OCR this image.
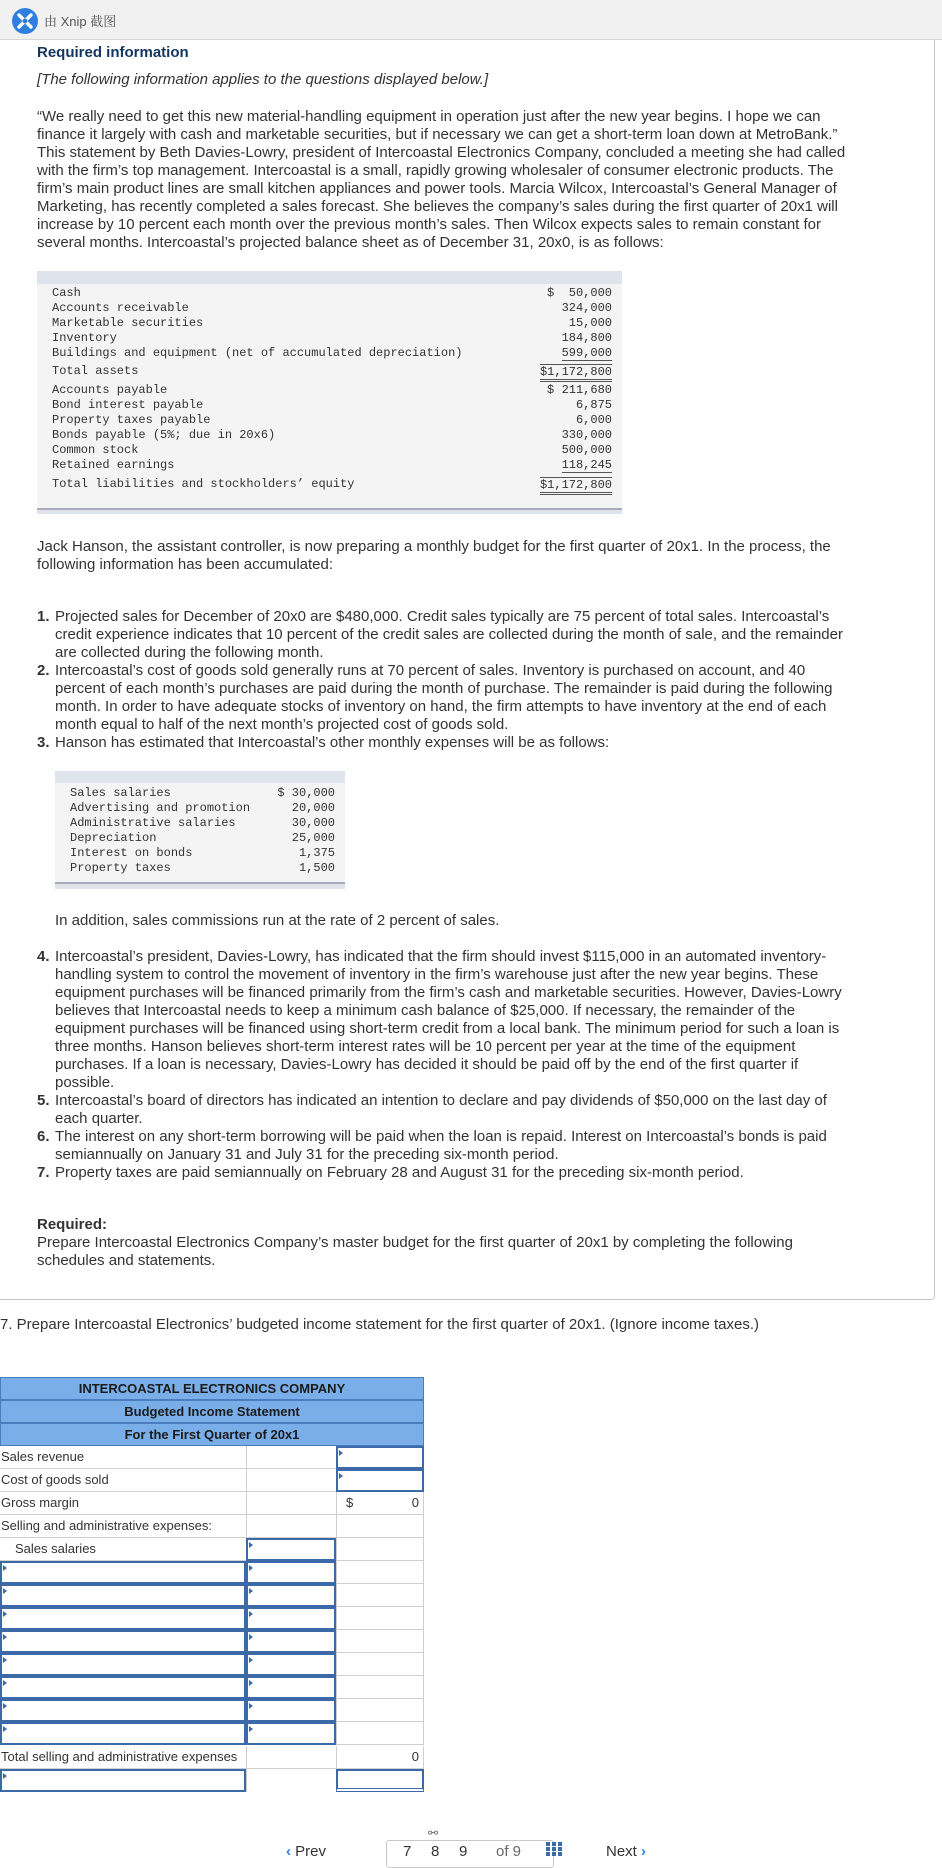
由 Xnip 截图
Required information
[The following information applies to the questions displayed below.]
“We really need to get this new material-handling equipment in operation just after the new year begins. I hope we can
finance it largely with cash and marketable securities, but if necessary we can get a short-term loan down at MetroBank.”
This statement by Beth Davies-Lowry, president of Intercoastal Electronics Company, concluded a meeting she had called
with the firm’s top management. Intercoastal is a small, rapidly growing wholesaler of consumer electronic products. The
firm’s main product lines are small kitchen appliances and power tools. Marcia Wilcox, Intercoastal’s General Manager of
Marketing, has recently completed a sales forecast. She believes the company’s sales during the first quarter of 20x1 will
increase by 10 percent each month over the previous month’s sales. Then Wilcox expects sales to remain constant for
several months. Intercoastal’s projected balance sheet as of December 31, 20x0, is as follows:
Cash	$ 50,000
Accounts receivable	324,000
Marketable securities	15,000
Inventory	184,800
Buildings and equipment (net of accumulated depreciation)	599,000
Total assets	$1,172,800
Accounts payable	$ 211,680
Bond interest payable	6,875
Property taxes payable	6,000
Bonds payable (5%; due in 20x6)	330,000
Common stock	500,000
Retained earnings	118,245
Total liabilities and stockholders’ equity	$1,172,800
Jack Hanson, the assistant controller, is now preparing a monthly budget for the first quarter of 20x1. In the process, the
following information has been accumulated:
1. Projected sales for December of 20x0 are $480,000. Credit sales typically are 75 percent of total sales. Intercoastal’s
credit experience indicates that 10 percent of the credit sales are collected during the month of sale, and the remainder
are collected during the following month.
2. Intercoastal’s cost of goods sold generally runs at 70 percent of sales. Inventory is purchased on account, and 40
percent of each month’s purchases are paid during the month of purchase. The remainder is paid during the following
month. In order to have adequate stocks of inventory on hand, the firm attempts to have inventory at the end of each
month equal to half of the next month’s projected cost of goods sold.
3. Hanson has estimated that Intercoastal’s other monthly expenses will be as follows:
Sales salaries	$ 30,000
Advertising and promotion	20,000
Administrative salaries	30,000
Depreciation	25,000
Interest on bonds	1,375
Property taxes	1,500
In addition, sales commissions run at the rate of 2 percent of sales.
4. Intercoastal’s president, Davies-Lowry, has indicated that the firm should invest $115,000 in an automated inventory-
handling system to control the movement of inventory in the firm’s warehouse just after the new year begins. These
equipment purchases will be financed primarily from the firm’s cash and marketable securities. However, Davies-Lowry
believes that Intercoastal needs to keep a minimum cash balance of $25,000. If necessary, the remainder of the
equipment purchases will be financed using short-term credit from a local bank. The minimum period for such a loan is
three months. Hanson believes short-term interest rates will be 10 percent per year at the time of the equipment
purchases. If a loan is necessary, Davies-Lowry has decided it should be paid off by the end of the first quarter if
possible.
5. Intercoastal’s board of directors has indicated an intention to declare and pay dividends of $50,000 on the last day of
each quarter.
6. The interest on any short-term borrowing will be paid when the loan is repaid. Interest on Intercoastal’s bonds is paid
semiannually on January 31 and July 31 for the preceding six-month period.
7. Property taxes are paid semiannually on February 28 and August 31 for the preceding six-month period.
Required:
Prepare Intercoastal Electronics Company’s master budget for the first quarter of 20x1 by completing the following
schedules and statements.
7. Prepare Intercoastal Electronics’ budgeted income statement for the first quarter of 20x1. (Ignore income taxes.)
INTERCOASTAL ELECTRONICS COMPANY
Budgeted Income Statement
For the First Quarter of 20x1
Sales revenue
Cost of goods sold
Gross margin	0
$
Selling and administrative expenses:
Sales salaries
Total selling and administrative expenses	0
‹ Prev
⚯
7 8 9 of 9	Next ›
